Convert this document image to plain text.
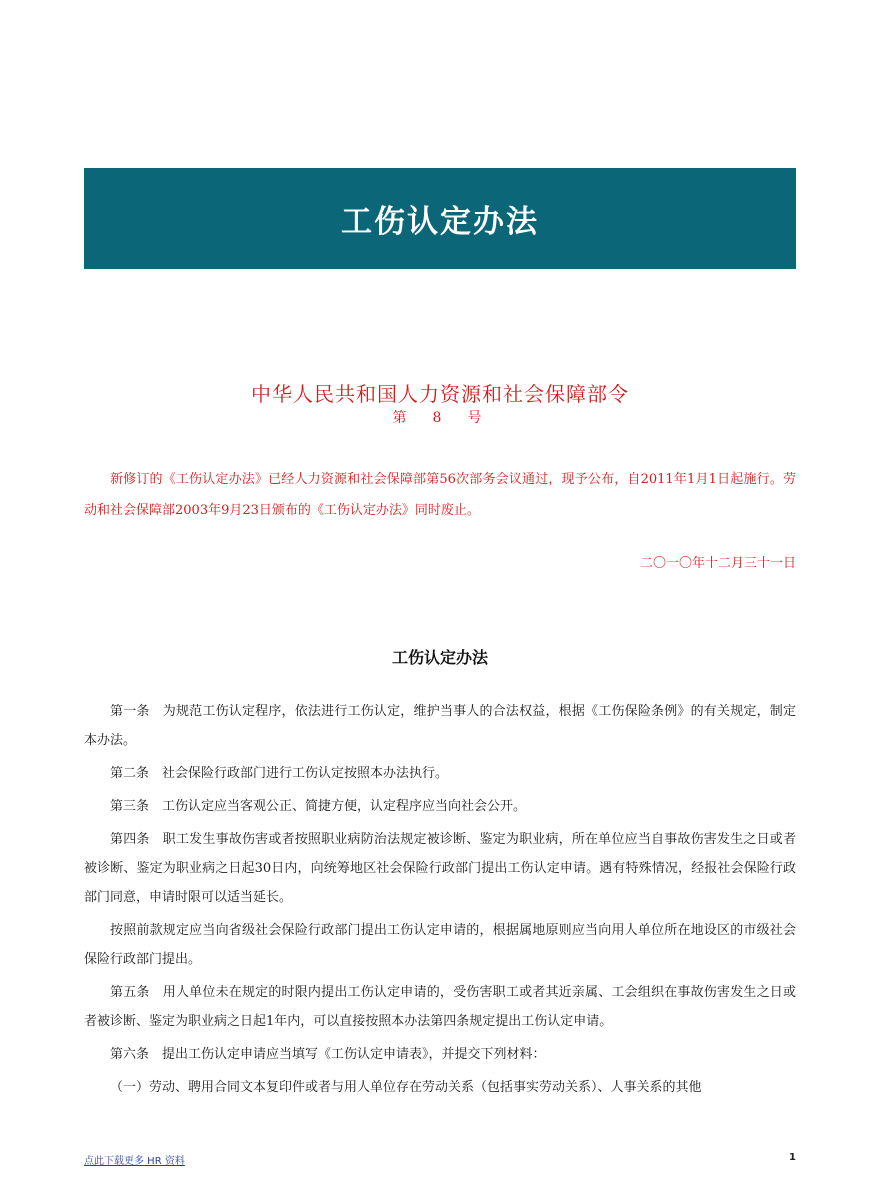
工伤认定办法
中华人民共和国人力资源和社会保障部令
第　8　号

新修订的《工伤认定办法》已经人力资源和社会保障部第56次部务会议通过，现予公布，自2011年1月1日起施行。劳动和社会保障部2003年9月23日颁布的《工伤认定办法》同时废止。

二〇一〇年十二月三十一日
工伤认定办法

第一条　为规范工伤认定程序，依法进行工伤认定，维护当事人的合法权益，根据《工伤保险条例》的有关规定，制定本办法。

第二条　社会保险行政部门进行工伤认定按照本办法执行。

第三条　工伤认定应当客观公正、简捷方便，认定程序应当向社会公开。

第四条　职工发生事故伤害或者按照职业病防治法规定被诊断、鉴定为职业病，所在单位应当自事故伤害发生之日或者被诊断、鉴定为职业病之日起30日内，向统筹地区社会保险行政部门提出工伤认定申请。遇有特殊情况，经报社会保险行政部门同意，申请时限可以适当延长。

按照前款规定应当向省级社会保险行政部门提出工伤认定申请的，根据属地原则应当向用人单位所在地设区的市级社会保险行政部门提出。

第五条　用人单位未在规定的时限内提出工伤认定申请的，受伤害职工或者其近亲属、工会组织在事故伤害发生之日或者被诊断、鉴定为职业病之日起1年内，可以直接按照本办法第四条规定提出工伤认定申请。

第六条　提出工伤认定申请应当填写《工伤认定申请表》，并提交下列材料：

（一）劳动、聘用合同文本复印件或者与用人单位存在劳动关系（包括事实劳动关系）、人事关系的其他

点此下载更多 HR 资料	1
